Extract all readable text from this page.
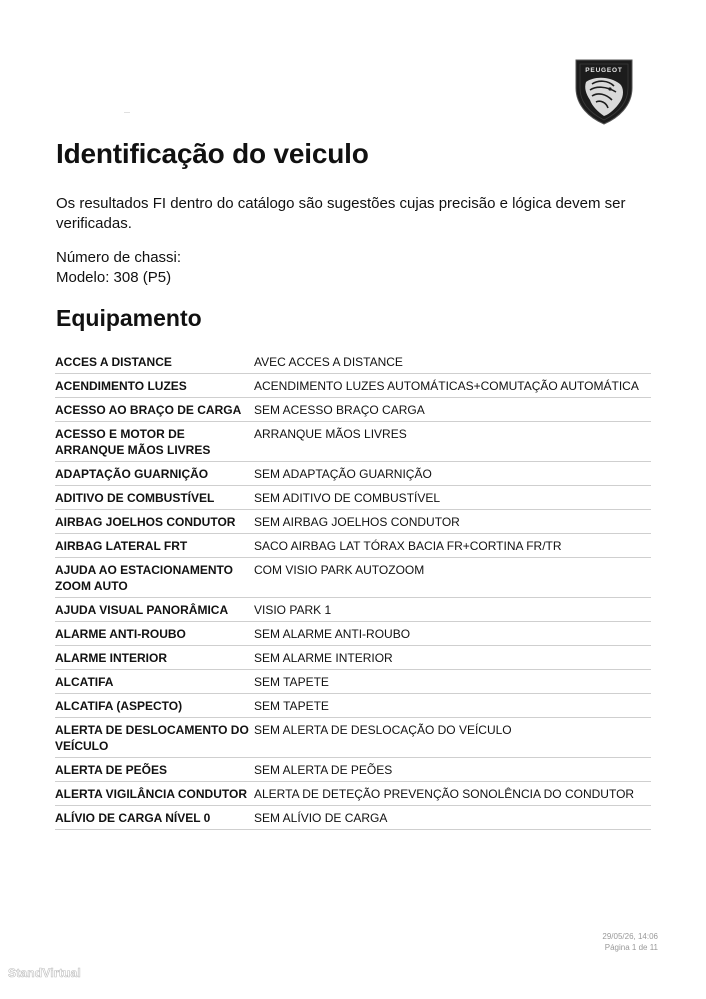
PEUGEOT
—
Identificação do veiculo

Os resultados FI dentro do catálogo são sugestões cujas precisão e lógica devem ser verificadas.

Número de chassi:
Modelo: 308 (P5)
Equipamento
ACCES A DISTANCE	AVEC ACCES A DISTANCE
ACENDIMENTO LUZES	ACENDIMENTO LUZES AUTOMÁTICAS+COMUTAÇÃO AUTOMÁTICA
ACESSO AO BRAÇO DE CARGA	SEM ACESSO BRAÇO CARGA
ACESSO E MOTOR DE ARRANQUE MÃOS LIVRES	ARRANQUE MÃOS LIVRES
ADAPTAÇÃO GUARNIÇÃO	SEM ADAPTAÇÃO GUARNIÇÃO
ADITIVO DE COMBUSTÍVEL	SEM ADITIVO DE COMBUSTÍVEL
AIRBAG JOELHOS CONDUTOR	SEM AIRBAG JOELHOS CONDUTOR
AIRBAG LATERAL FRT	SACO AIRBAG LAT TÓRAX BACIA FR+CORTINA FR/TR
AJUDA AO ESTACIONAMENTO ZOOM AUTO	COM VISIO PARK AUTOZOOM
AJUDA VISUAL PANORÂMICA	VISIO PARK 1
ALARME ANTI-ROUBO	SEM ALARME ANTI-ROUBO
ALARME INTERIOR	SEM ALARME INTERIOR
ALCATIFA	SEM TAPETE
ALCATIFA (ASPECTO)	SEM TAPETE
ALERTA DE DESLOCAMENTO DO VEÍCULO	SEM ALERTA DE DESLOCAÇÃO DO VEÍCULO
ALERTA DE PEÕES	SEM ALERTA DE PEÕES
ALERTA VIGILÂNCIA CONDUTOR	ALERTA DE DETEÇÃO PREVENÇÃO SONOLÊNCIA DO CONDUTOR
ALÍVIO DE CARGA NÍVEL 0	SEM ALÍVIO DE CARGA
29/05/26, 14:06
Página 1 de 11
StandVirtual
